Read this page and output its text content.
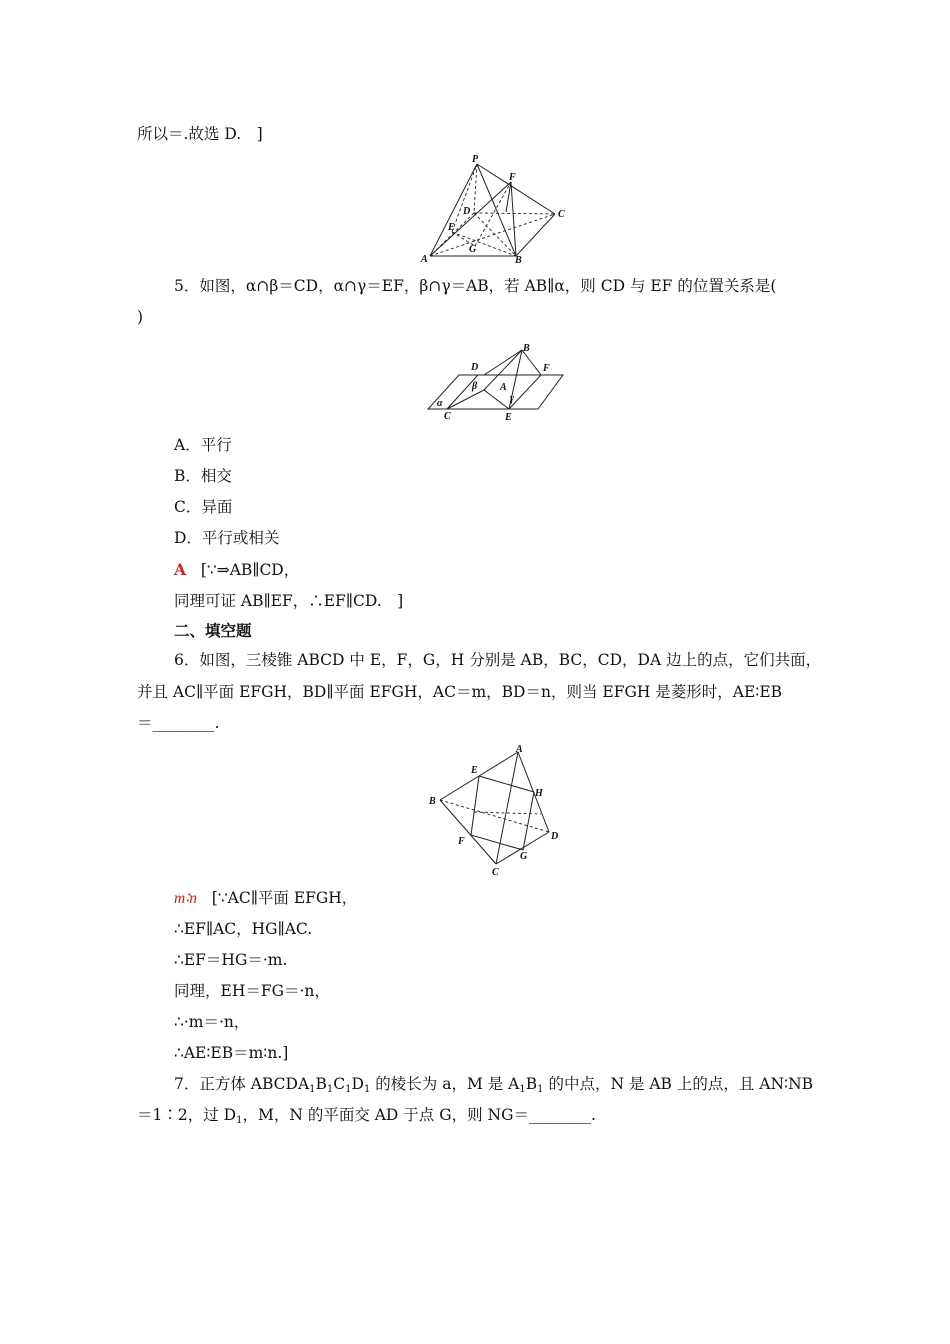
所以＝.故选 D.　]
P
F
D	C
E
G
A	B
5．如图，α∩β＝CD，α∩γ＝EF，β∩γ＝AB，若 AB∥α，则 CD 与 EF 的位置关系是(
)
D
B
F
β A
α	γ
C	E
A．平行
B．相交
C．异面
D．平行或相关
A [∵⇒AB∥CD，
同理可证 AB∥EF，∴EF∥CD.　]
二、填空题
6．如图，三棱锥 ABCD 中 E，F，G，H 分别是 AB，BC，CD，DA 边上的点，它们共面，
并且 AC∥平面 EFGH，BD∥平面 EFGH，AC＝m，BD＝n，则当 EFGH 是菱形时，AE∶EB
＝________.
A
E
H
B
D
F
G
C
m∶n [∵AC∥平面 EFGH，
∴EF∥AC，HG∥AC.
∴EF＝HG＝·m.
同理，EH＝FG＝·n，
∴·m＝·n，
∴AE∶EB＝m∶n.]
7．正方体 $ABCDA_1B_1C_1D_1$ 的棱长为 a，M 是 $A_1B_1$ 的中点，N 是 AB 上的点，且 AN∶NB
＝1∶2，过 $D_1$，M，N 的平面交 AD 于点 G，则 NG＝________.
